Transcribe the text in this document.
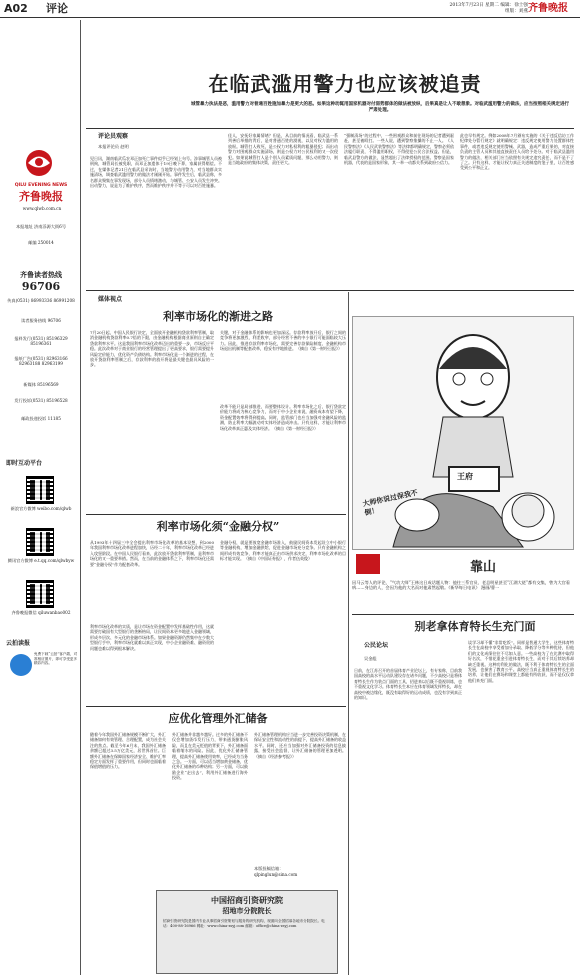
A02 评论	2013年7月23日 星期二 编辑：徐士强 组版：刘燕 齐鲁晚报
QILU EVENING NEWS
齐鲁晚报
www.qlwb.com.cn
本报地址 济南泺源大街6号
邮编 250014
齐鲁读者热线
96706
传真(0531) 86993336 86991208
读者服务热线 96706
报料发行(0531) 85196329 85196361
报纸广告(0531) 82963166 82963188 82963199
新媒体 85196569
发行投诉(0531) 85196528
邮政投递投诉 11185
即时互动平台
新浪官方微博 weibo.com/qlwb
腾讯官方微博 e.t.qq.com/qlwbyw
齐鲁晚报微信 qiluwanbao002
云拍读报
免费下载“云拍”客户端，对准相应图片，即可享受更多精彩内容。
在临武滥用警力也应该被追责
城管暴力执法是恶，滥用警力对普通百姓施加暴力是更大的恶。如果这种动辄用国家机器对付弱势群体的做法被放纵，后果真是让人不敢想象。对临武滥用警力的做法，应当按照相关规定进行严肃处理。
评论员观察
本报评论员 赵明
见日讯，湖南临武瓜农邓正加死亡事件似乎已经划上句号。涉事城管人员被刑拘，城管局长被免职，而邓正加遗体于19日晚下葬，家属获得赔偿。不过，在媒体记者21日在临武县采访时，当地警方动用警力，对当地群众实施清场，调查临武滥用警力的做法才刚刚开始。事件发生后，临武县称，多名群众聚集在事发现场，部分人员情绪激动，与城管、公安人员发生冲突。出动警力，说是为了维护秩序，然而维护秩序并不等于可以对百姓施暴。
佳人，安抚好家属情绪？但是，从目前的情况看，临武县一系列善后举措的背后，是对普通百姓的漠视，以及对权力滥用的放纵。城管打人致死，是公权力对私权利的粗暴侵犯；而出动警力对围观群众实施清场，则是公权力对公民权利的又一次侵犯。如果说城管打人是个别人员素质问题，那么动用警力，则是当地政府的集体决策，责任更大。
“强制清场”的过程中，一些围观群众和前往现场的记者遭到驱赶，甚至被殴打。一些人说，遭到警察推搡的不止一人。《人民警察法》《人民武装警察法》等法律都明确规定，警察必须依法履行职责，不得滥用职权，不得侵犯公民合法权益。但是，临武县警方的做法，显然超出了法律授权的范围。警察是国家机器，代表的是国家形象，其一举一动都关系到政府公信力。
此也早有规定。例如2008年7月颁布实施的《关于违反信访工作纪律处分暂行规定》就明确规定：违反规定使用警力处置群体性事件，或者违反规定使用警械、武器，造成严重后果的，对直接负责的主管人员和其他直接责任人员给予处分。对于临武县滥用警力的做法，相关部门应当依照有关规定追究责任，而不是不了了之。只有这样，才能让权力真正关进制度的笼子里，让百姓感受到公平和正义。
媒体视点
利率市场化的渐进之路
7月20日起，中国人民银行决定，全面放开金融机构贷款利率管制，取消金融机构贷款利率0.7倍的下限，由金融机构根据商业原则自主确定贷款利率水平。这是我国利率市场化改革迈出的重要一步，市场反应平稳。此次改革对于商业银行的经营管理提出了更高要求，银行需要提升风险定价能力，优化资产负债结构。利率市场化是一个渐进的过程，在放开贷款利率管制之后，存款利率的放开将是最关键也最具风险的一步。
关键，对于金融体系的影响也更加深远。存款利率放开后，银行之间的竞争将更加激烈，利差收窄，部分经营不善的中小银行可能面临较大压力。因此，推进存款利率市场化，需要完善存款保险制度、金融机构市场退出机制等配套改革，稳妥有序地推进。（摘自《第一财经日报》）
改革不能只是局部推进，而要整体设计。利率市场化之后，银行贷款定价能力将成为核心竞争力，而对于中小企业来说，融资成本有望下降，资金配置效率将得到提高。同时，监管部门也应当加强对金融风险的监测，防止利率大幅波动对实体经济造成冲击。只有这样，才能让利率市场化改革真正惠及实体经济。（摘自《第一财经日报》）
利率市场化须“金融分权”
从1993年十四届三中全会提出利率市场化改革的基本设想，到2000年我国利率市场化改革进程加快，历经二十年，利率市场化改革已经进入攻坚阶段。在中国人民银行看来，此次放开贷款利率管制，是利率市场化的又一重要举措。然而，在当前的金融体系之下，利率市场化还需要“金融分权”作为配套改革。
利率市场化改革的实质，是让市场在资金配置中发挥基础性作用，这就需要打破国有大型银行的垄断格局，让民间资本更多地进入金融领域，形成多层次、多元化的金融市场体系。如果金融资源仍然集中在少数大型银行手中，利率市场化就难以真正实现，中小企业融资难、融资贵的问题也难以得到根本解决。
金融分权，就是要放宽金融市场准入，鼓励民间资本发起设立中小银行等金融机构，增加金融供给，促进金融市场充分竞争。只有金融机构之间形成有效竞争，利率才能真正由市场供求决定，利率市场化改革的目标才能实现。（摘自《中国证券报》，作者伍英俊）
应优化管理外汇储备
随着今年我国外汇储备规模不断扩大，外汇储备如何有效管理、合理配置，成为社会关注的焦点。截至今年6月末，我国外汇储备余额已超过3.5万亿美元，居世界首位。巨额外汇储备在保障国家经济安全、维护汇率稳定方面发挥了重要作用，但同时也面临着保值增值的压力。
外汇储备并非越多越好。过多的外汇储备不仅会增加货币发行压力，带来通货膨胀风险，而且在美元贬值的背景下，外汇储备面临着缩水的风险。因此，优化外汇储备管理，提高外汇储备使用效率，已经成为当务之急。一方面，可以适当增加黄金储备，优化外汇储备的币种结构；另一方面，可以鼓励企业“走出去”，利用外汇储备进行海外投资。
外汇储备管理机构应当进一步完善投资决策机制，在保证安全性和流动性的前提下，提高外汇储备的收益水平。同时，还应当加强对外汇储备投资的信息披露，接受社会监督，让外汇储备的管理更加透明。（摘自《经济参考报》）
本版投稿信箱：
qlpinglun@sina.com
中国招商引资研究院
招地市分院院长
招商引资研究院是国内专业从事招商引资策划与服务的研究机构，现面向全国招募各地市分院院长。电话：400-88-16966 网址：www.china-zsyj.com 邮箱：office@china-zsyj.com
王府
大师你说过保我不倒！
靠山
因马云等人的评论，“气功大师”王林这日成话题人物：他往三系官员、老总明星甚至“江湖大佬”都有交集，曾为大官看病……身边的人，会因为他的大名而对他肃然起敬。《新华每日电讯》 漫画/曹一
别老拿体育特长生充门面
公民论坛
吴金彪
日前，在江苏召开的首届体育产业论坛上，有专家称，目前我国高校的高水平运动队建设存在诸多问题，不少高校只是将体育特长生作为装点门面的工具，招进来以后既不重视训练，也不重视文化学习。体育特长生本应在体育领域发挥特长，却在高校中被边缘化，既没有取得好的运动成绩，也没有学到真正的知识。
谈学习却不懂“非常吃饭”。同样是普通大学生，这些体育特长生在高校中享受着加分录取、降低学分等多种优待，但他们的文化成绩往往不尽如人意。一些高校为了在比赛中取得好名次，不惜花重金引进体育特长生，而对于其后续培养却缺乏重视。这种功利化的做法，既不利于体育特长生的全面发展，也损害了教育公平。高校应当真正重视体育特长生的培养，让他们在赛场和课堂上都能有所收获，而不是仅仅拿他们来充门面。
